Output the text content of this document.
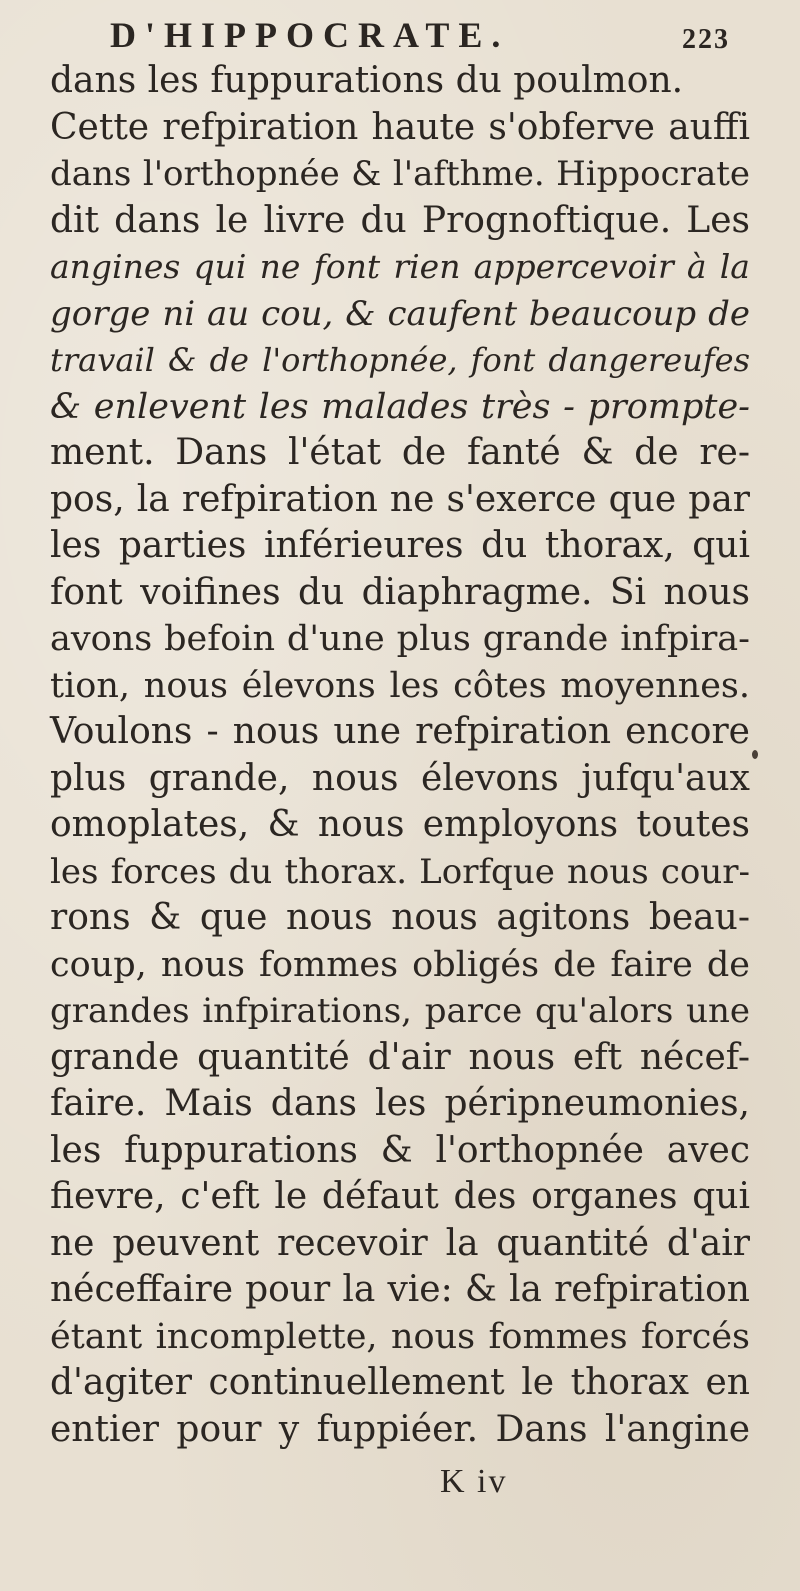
D'HIPPOCRATE.	223
dans les fuppurations du poulmon.
Cette refpiration haute s'obferve auffi
dans l'orthopnée & l'afthme. Hippocrate
dit dans le livre du Prognoftique. Les
angines qui ne font rien appercevoir à la
gorge ni au cou, & caufent beaucoup de
travail & de l'orthopnée, font dangereufes
& enlevent les malades très - prompte-
ment. Dans l'état de fanté & de re-
pos, la refpiration ne s'exerce que par
les parties inférieures du thorax, qui
font voifines du diaphragme. Si nous
avons befoin d'une plus grande infpira-
tion, nous élevons les côtes moyennes.
Voulons - nous une refpiration encore
plus grande, nous élevons jufqu'aux
omoplates, & nous employons toutes
les forces du thorax. Lorfque nous cour-
rons & que nous nous agitons beau-
coup, nous fommes obligés de faire de
grandes infpirations, parce qu'alors une
grande quantité d'air nous eft nécef-
faire. Mais dans les péripneumonies,
les fuppurations & l'orthopnée avec
fievre, c'eft le défaut des organes qui
ne peuvent recevoir la quantité d'air
néceffaire pour la vie: & la refpiration
étant incomplette, nous fommes forcés
d'agiter continuellement le thorax en
entier pour y fuppiéer. Dans l'angine
K iv
